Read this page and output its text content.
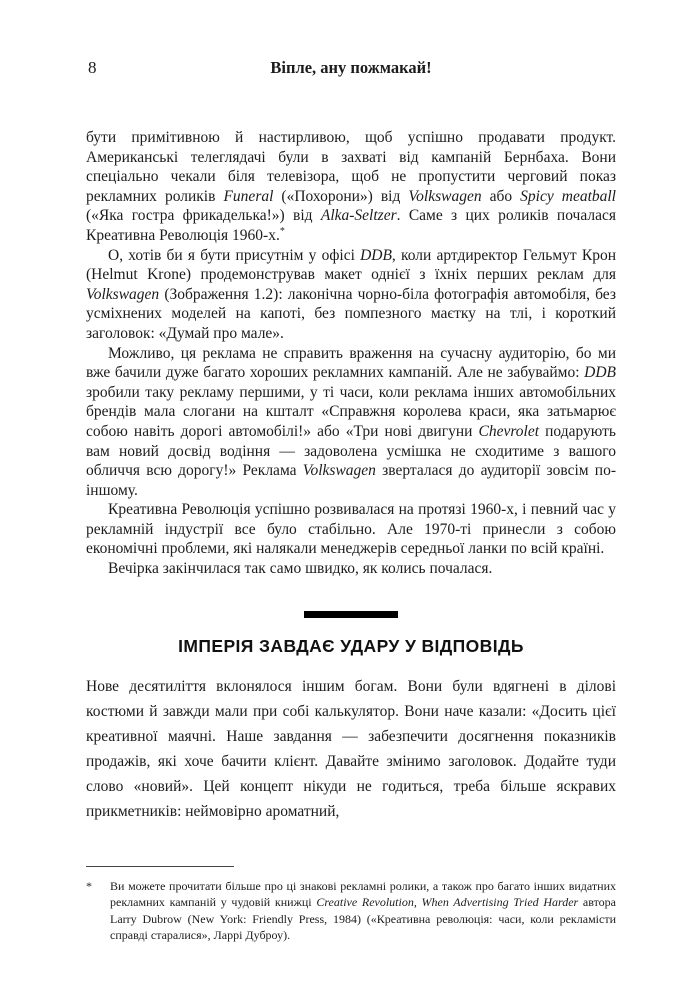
8	Віпле, ану пожмакай!

бути примітивною й настирливою, щоб успішно продавати продукт. Американські телеглядачі були в захваті від кампаній Бернбаха. Вони спеціально чекали біля телевізора, щоб не пропустити черговий показ рекламних роликів Funeral («Похорони») від Volkswagen або Spicy meatball («Яка гостра фрикаделька!») від Alka-Seltzer. Саме з цих роликів почалася Креативна Революція 1960-х.*

О, хотів би я бути присутнім у офісі DDB, коли артдиректор Гельмут Крон (Helmut Krone) продемонстрував макет однієї з їхніх перших реклам для Volkswagen (Зображення 1.2): лаконічна чорно-біла фотографія автомобіля, без усміхнених моделей на капоті, без помпезного маєтку на тлі, і короткий заголовок: «Думай про мале».

Можливо, ця реклама не справить враження на сучасну аудиторію, бо ми вже бачили дуже багато хороших рекламних кампаній. Але не забуваймо: DDB зробили таку рекламу першими, у ті часи, коли реклама інших автомобільних брендів мала слогани на кшталт «Справжня королева краси, яка затьмарює собою навіть дорогі автомобілі!» або «Три нові двигуни Chevrolet подарують вам новий досвід водіння — задоволена усмішка не сходитиме з вашого обличчя всю дорогу!» Реклама Volkswagen зверталася до аудиторії зовсім по-іншому.

Креативна Революція успішно розвивалася на протязі 1960-х, і певний час у рекламній індустрії все було стабільно. Але 1970-ті принесли з собою економічні проблеми, які налякали менеджерів середньої ланки по всій країні.

Вечірка закінчилася так само швидко, як колись почалася.

ІМПЕРІЯ ЗАВДАЄ УДАРУ У ВІДПОВІДЬ

Нове десятиліття вклонялося іншим богам. Вони були вдягнені в ділові костюми й завжди мали при собі калькулятор. Вони наче казали: «Досить цієї креативної маячні. Наше завдання — забезпечити досягнення показників продажів, які хоче бачити клієнт. Давайте змінимо заголовок. Додайте туди слово «новий». Цей концепт нікуди не годиться, треба більше яскравих прикметників: неймовірно ароматний,

*	Ви можете прочитати більше про ці знакові рекламні ролики, а також про багато інших видатних рекламних кампаній у чудовій книжці Creative Revolution, When Advertising Tried Harder автора Larry Dubrow (New York: Friendly Press, 1984) («Креативна революція: часи, коли рекламісти справді старалися», Ларрі Дуброу).
